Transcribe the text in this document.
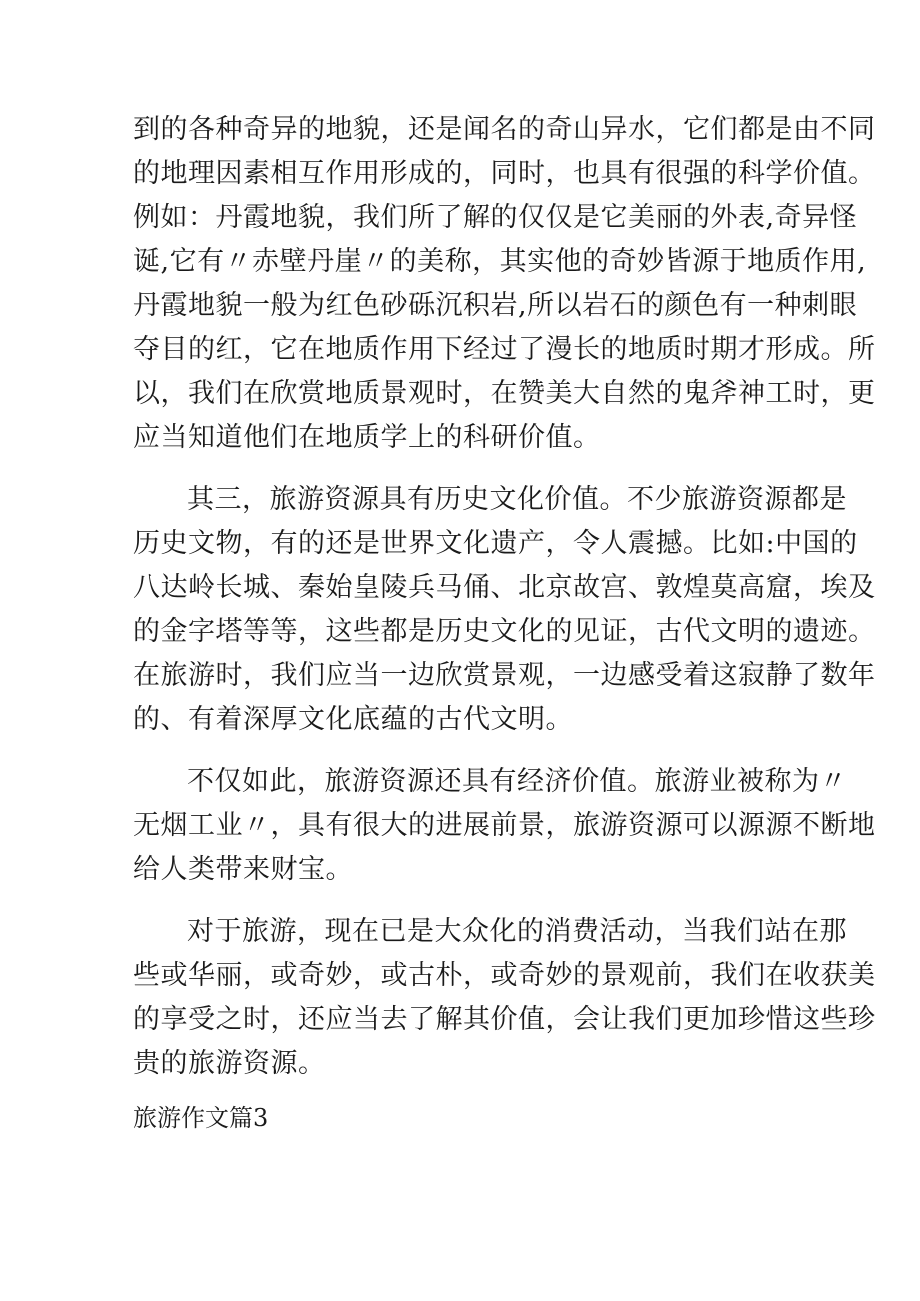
到的各种奇异的地貌，还是闻名的奇山异水，它们都是由不同
的地理因素相互作用形成的，同时，也具有很强的科学价值。
例如：丹霞地貌，我们所了解的仅仅是它美丽的外表,奇异怪
诞,它有〃赤壁丹崖〃的美称，其实他的奇妙皆源于地质作用,
丹霞地貌一般为红色砂砾沉积岩,所以岩石的颜色有一种刺眼
夺目的红，它在地质作用下经过了漫长的地质时期才形成。所
以，我们在欣赏地质景观时，在赞美大自然的鬼斧神工时，更
应当知道他们在地质学上的科研价值。
其三，旅游资源具有历史文化价值。不少旅游资源都是
历史文物，有的还是世界文化遗产，令人震撼。比如:中国的
八达岭长城、秦始皇陵兵马俑、北京故宫、敦煌莫高窟，埃及
的金字塔等等，这些都是历史文化的见证，古代文明的遗迹。
在旅游时，我们应当一边欣赏景观，一边感受着这寂静了数年
的、有着深厚文化底蕴的古代文明。
不仅如此，旅游资源还具有经济价值。旅游业被称为〃
无烟工业〃，具有很大的进展前景，旅游资源可以源源不断地
给人类带来财宝。
对于旅游，现在已是大众化的消费活动，当我们站在那
些或华丽，或奇妙，或古朴，或奇妙的景观前，我们在收获美
的享受之时，还应当去了解其价值，会让我们更加珍惜这些珍
贵的旅游资源。
旅游作文篇3
